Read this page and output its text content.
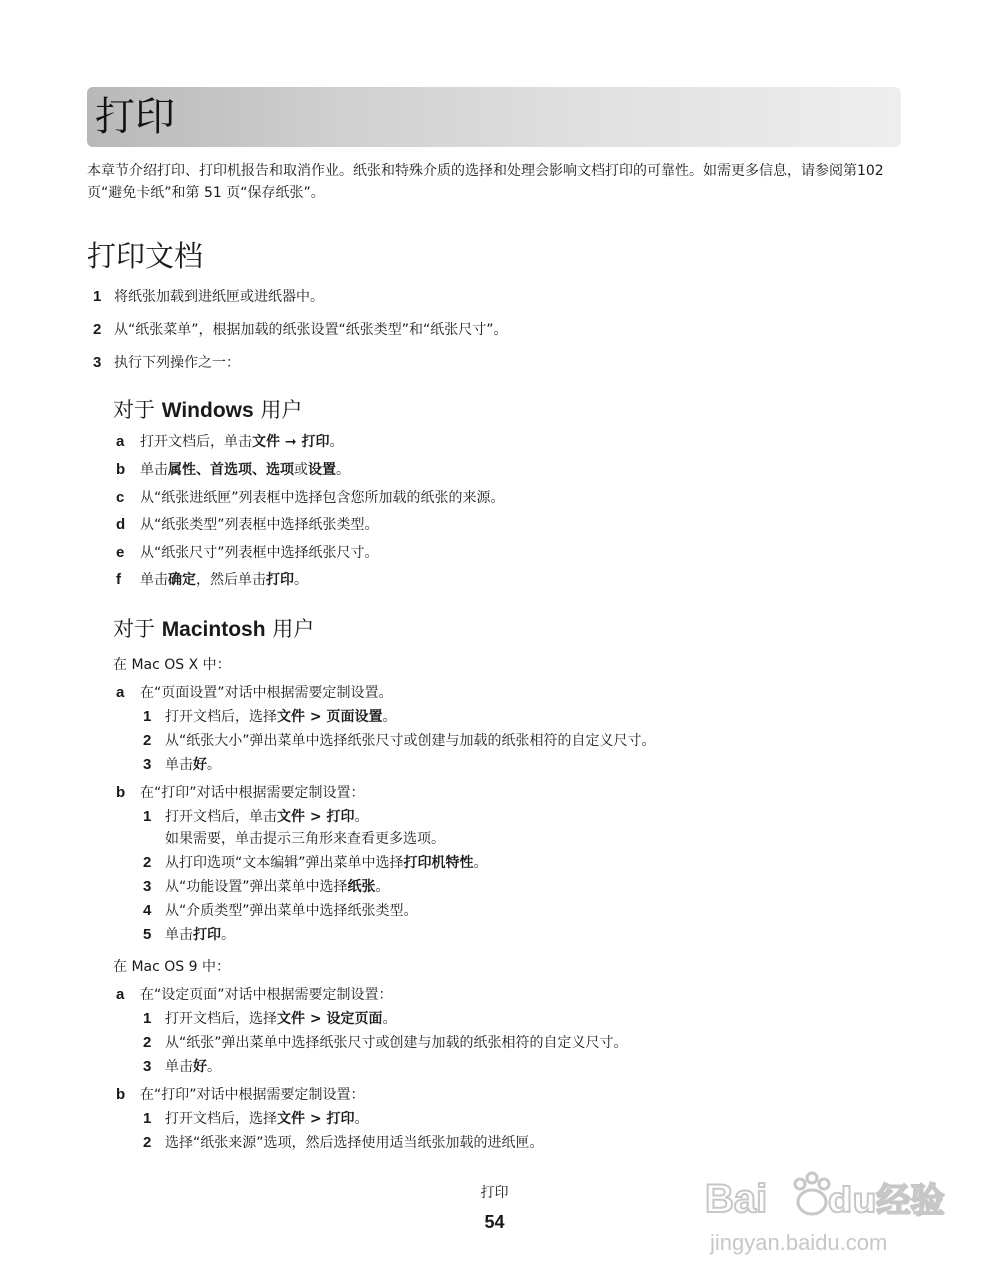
打印

本章节介绍打印、打印机报告和取消作业。纸张和特殊介质的选择和处理会影响文档打印的可靠性。如需更多信息，请参阅第102 页“避免卡纸”和第 51 页“保存纸张”。

打印文档
1 将纸张加载到进纸匣或进纸器中。
2 从“纸张菜单”，根据加载的纸张设置“纸张类型”和“纸张尺寸”。
3 执行下列操作之一：
对于 Windows 用户
a 打开文档后，单击文件 ➞ 打印。
b 单击属性、首选项、选项或设置。
c 从“纸张进纸匣”列表框中选择包含您所加载的纸张的来源。
d 从“纸张类型”列表框中选择纸张类型。
e 从“纸张尺寸”列表框中选择纸张尺寸。
f 单击确定，然后单击打印。
对于 Macintosh 用户
在 Mac OS X 中：
a 在“页面设置”对话中根据需要定制设置。
1 打开文档后，选择文件 > 页面设置。
2 从“纸张大小”弹出菜单中选择纸张尺寸或创建与加载的纸张相符的自定义尺寸。
3 单击好。
b 在“打印”对话中根据需要定制设置：
1 打开文档后，单击文件 > 打印。
如果需要，单击提示三角形来查看更多选项。
2 从打印选项“文本编辑”弹出菜单中选择打印机特性。
3 从“功能设置”弹出菜单中选择纸张。
4 从“介质类型”弹出菜单中选择纸张类型。
5 单击打印。
在 Mac OS 9 中：
a 在“设定页面”对话中根据需要定制设置：
1 打开文档后，选择文件 > 设定页面。
2 从“纸张”弹出菜单中选择纸张尺寸或创建与加载的纸张相符的自定义尺寸。
3 单击好。
b 在“打印”对话中根据需要定制设置：
1 打开文档后，选择文件 > 打印。
2 选择“纸张来源”选项，然后选择使用适当纸张加载的进纸匣。
打印
54
Bai du经验
jingyan.baidu.com
